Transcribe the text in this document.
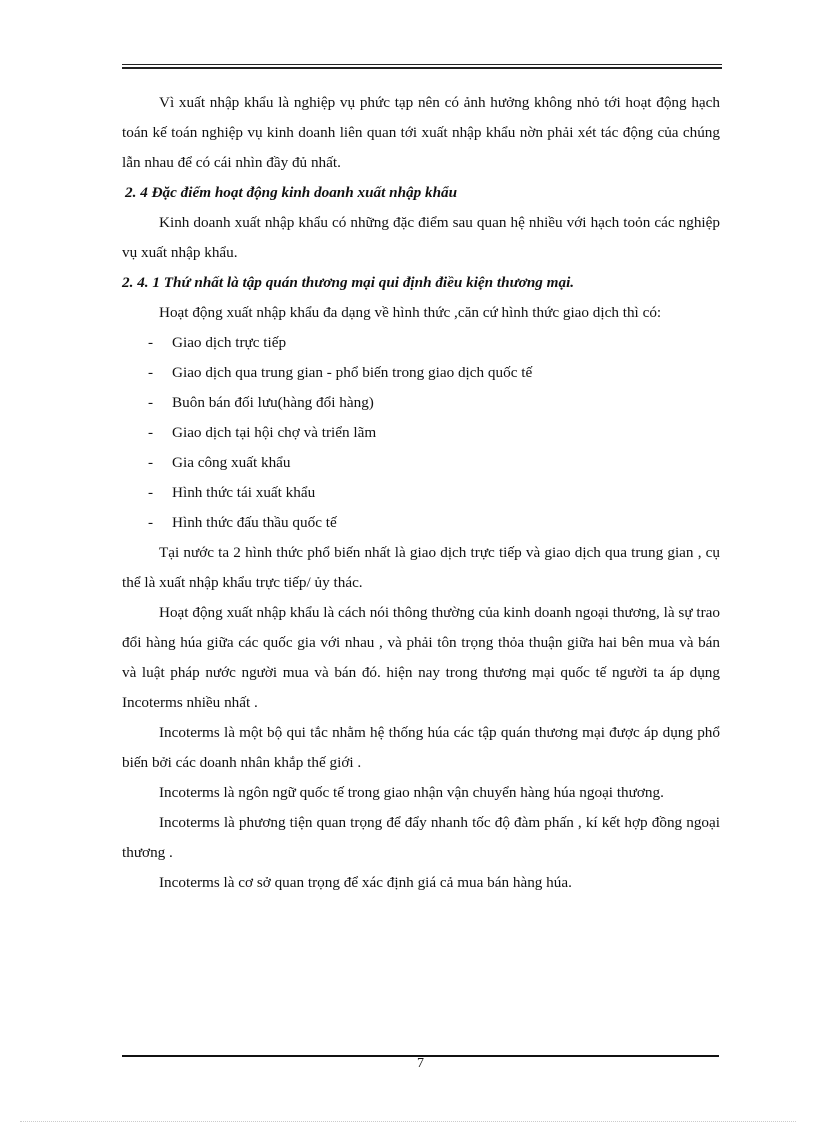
Vì xuất nhập khẩu là nghiệp vụ phức tạp nên có ảnh hưởng không nhỏ tới hoạt động hạch toán kế toán nghiệp vụ kinh doanh liên quan tới xuất nhập khẩu nờn phải xét tác động của chúng lẫn nhau để có cái nhìn đầy đủ nhất.

2. 4 Đặc điểm hoạt động kinh doanh xuất nhập khẩu

Kinh doanh xuất nhập khẩu có những đặc điểm sau quan hệ nhiều với hạch toỏn các nghiệp vụ xuất nhập khẩu.

2. 4. 1 Thứ nhất là tập quán thương mại qui định điều kiện thương mại.

Hoạt động xuất nhập khẩu đa dạng về hình thức ,căn cứ hình thức giao dịch thì có:

- Giao dịch trực tiếp
- Giao dịch qua trung gian - phổ biến trong giao dịch quốc tế
- Buôn bán đối lưu(hàng đổi hàng)
- Giao dịch tại hội chợ và triển lãm
- Gia công xuất khẩu
- Hình thức tái xuất khẩu
- Hình thức đấu thầu quốc tế

Tại nước ta 2 hình thức phổ biến nhất là giao dịch trực tiếp và giao dịch qua trung gian , cụ thể là xuất nhập khẩu trực tiếp/ ủy thác.

Hoạt động xuất nhập khẩu là cách nói thông thường của kinh doanh ngoại thương, là sự trao đổi hàng húa giữa các quốc gia với nhau , và phải tôn trọng thỏa thuận giữa hai bên mua và bán và luật pháp nước người mua và bán đó. hiện nay trong thương mại quốc tế người ta áp dụng Incoterms nhiều nhất .

Incoterms là một bộ qui tắc nhằm hệ thống húa các tập quán thương mại được áp dụng phổ biến bởi các doanh nhân khắp thế giới .

Incoterms là ngôn ngữ quốc tế trong giao nhận vận chuyển hàng húa ngoại thương.

Incoterms là phương tiện quan trọng để đẩy nhanh tốc độ đàm phấn , kí kết hợp đồng ngoại thương .

Incoterms là cơ sở quan trọng để xác định giá cả mua bán hàng húa.

7
